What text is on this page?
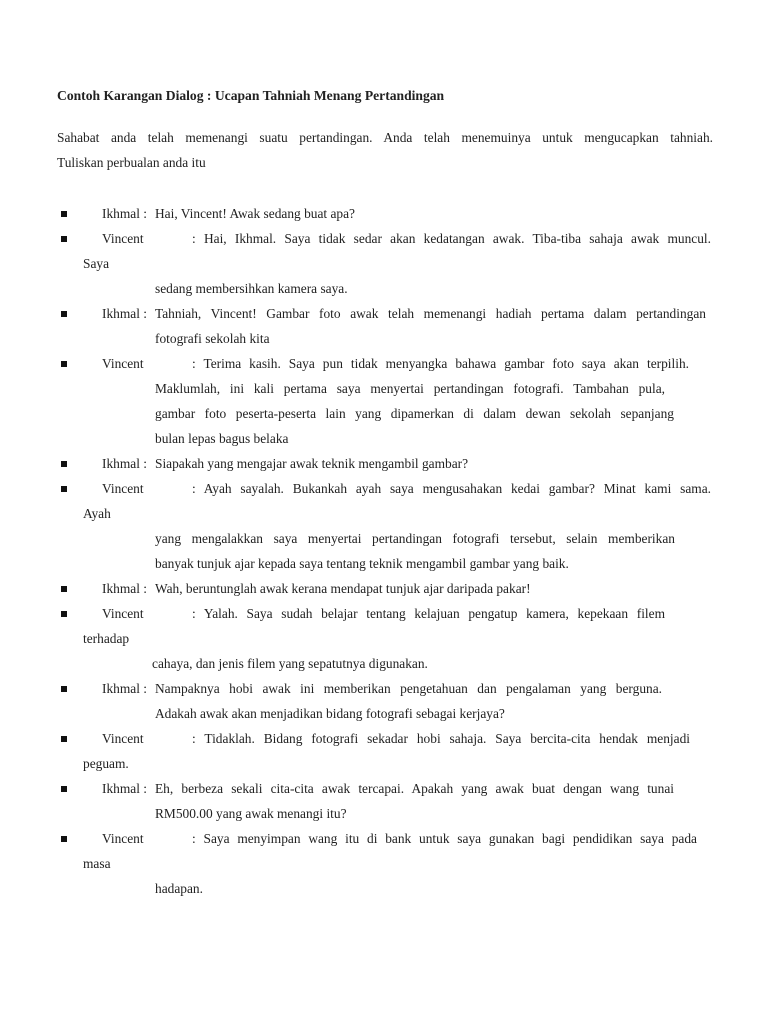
Contoh Karangan Dialog : Ucapan Tahniah Menang Pertandingan
Sahabat anda telah memenangi suatu pertandingan. Anda telah menemuinya untuk mengucapkan tahniah.
Tuliskan perbualan anda itu
Ikhmal : Hai, Vincent! Awak sedang buat apa?
Vincent	: Hai, Ikhmal. Saya tidak sedar akan kedatangan awak. Tiba-tiba sahaja awak muncul.
Saya
sedang membersihkan kamera saya.
Ikhmal : Tahniah, Vincent! Gambar foto awak telah memenangi hadiah pertama dalam pertandingan
fotografi sekolah kita
Vincent	: Terima kasih. Saya pun tidak menyangka bahawa gambar foto saya akan terpilih.
Maklumlah, ini kali pertama saya menyertai pertandingan fotografi. Tambahan pula,
gambar foto peserta-peserta lain yang dipamerkan di dalam dewan sekolah sepanjang
bulan lepas bagus belaka
Ikhmal : Siapakah yang mengajar awak teknik mengambil gambar?
Vincent	: Ayah sayalah. Bukankah ayah saya mengusahakan kedai gambar? Minat kami sama.
Ayah
yang mengalakkan saya menyertai pertandingan fotografi tersebut, selain memberikan
banyak tunjuk ajar kepada saya tentang teknik mengambil gambar yang baik.
Ikhmal : Wah, beruntunglah awak kerana mendapat tunjuk ajar daripada pakar!
Vincent	: Yalah. Saya sudah belajar tentang kelajuan pengatup kamera, kepekaan filem
terhadap
cahaya, dan jenis filem yang sepatutnya digunakan.
Ikhmal : Nampaknya hobi awak ini memberikan pengetahuan dan pengalaman yang berguna.
Adakah awak akan menjadikan bidang fotografi sebagai kerjaya?
Vincent	: Tidaklah. Bidang fotografi sekadar hobi sahaja. Saya bercita-cita hendak menjadi
peguam.
Ikhmal : Eh, berbeza sekali cita-cita awak tercapai. Apakah yang awak buat dengan wang tunai
RM500.00 yang awak menangi itu?
Vincent	: Saya menyimpan wang itu di bank untuk saya gunakan bagi pendidikan saya pada
masa
hadapan.
